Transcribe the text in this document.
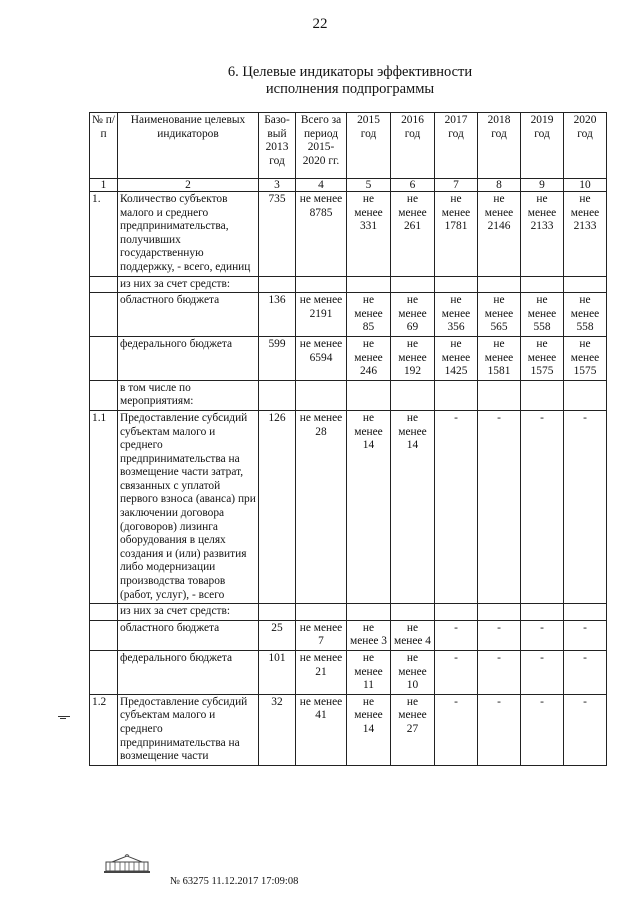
22
6. Целевые индикаторы эффективности
исполнения подпрограммы
№ п/п	Наименование целевых индикаторов	Базо-вый 2013 год	Всего за период 2015-2020 гг.	2015 год	2016 год	2017 год	2018 год	2019 год	2020 год
1	2	3	4	5	6	7	8	9	10
1.	Количество субъектов малого и среднего предпринимательства, получивших государственную поддержку, - всего, единиц	735	не менее 8785	не менее 331	не менее 261	не менее 1781	не менее 2146	не менее 2133	не менее 2133
	из них за счет средств:								
	областного бюджета	136	не менее 2191	не менее 85	не менее 69	не менее 356	не менее 565	не менее 558	не менее 558
	федерального бюджета	599	не менее 6594	не менее 246	не менее 192	не менее 1425	не менее 1581	не менее 1575	не менее 1575
	в том числе по мероприятиям:								
1.1	Предоставление субсидий субъектам малого и среднего предпринимательства на возмещение части затрат, связанных с уплатой первого взноса (аванса) при заключении договора (договоров) лизинга оборудования в целях создания и (или) развития либо модернизации производства товаров (работ, услуг), - всего	126	не менее 28	не менее 14	не менее 14	-	-	-	-

	из них за счет средств:								
	областного бюджета	25	не менее 7	не менее 3	не менее 4	-	-	-	-

	федерального бюджета	101	не менее 21	не менее 11	не менее 10	-	-	-	-

1.2	Предоставление субсидий субъектам малого и среднего предпринимательства на возмещение части	32	не менее 41	не менее 14	не менее 27	-	-	-	-
№ 63275 11.12.2017 17:09:08
